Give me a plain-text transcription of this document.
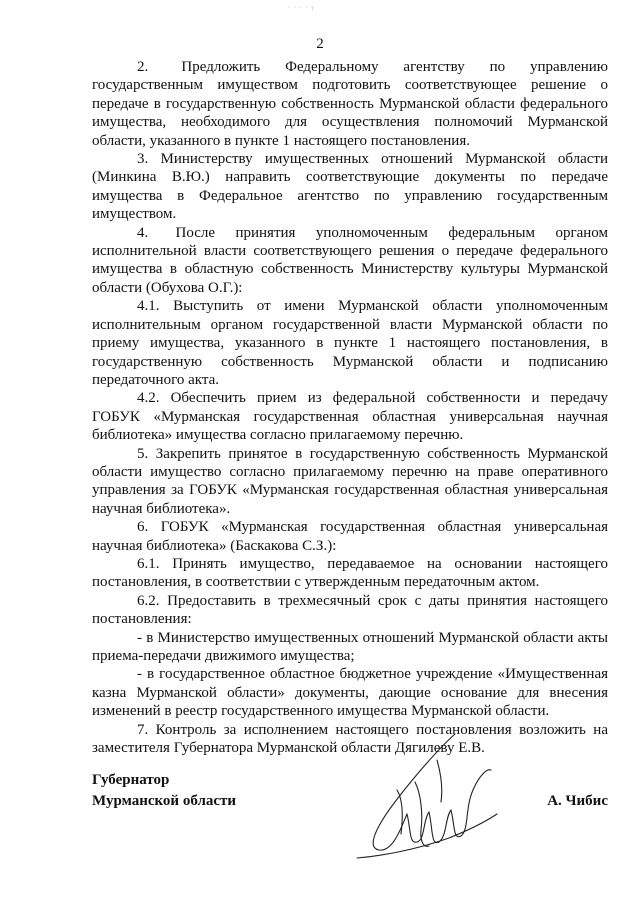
ו ׳ ׳ ׳ ׳
2

2.    Предложить   Федеральному   агентству   по   управлению государственным имуществом подготовить соответствующее решение о передаче в государственную собственность Мурманской области федерального имущества, необходимого для осуществления полномочий Мурманской области, указанного в пункте 1 настоящего постановления.

3. Министерству имущественных отношений Мурманской области (Минкина В.Ю.) направить соответствующие документы по передаче имущества в Федеральное агентство по управлению государственным имуществом.

4.    После   принятия   уполномоченным   федеральным   органом исполнительной власти соответствующего решения о передаче федерального имущества в областную собственность Министерству культуры Мурманской области (Обухова О.Г.):

4.1. Выступить от имени Мурманской области уполномоченным исполнительным органом государственной власти Мурманской области по приему имущества, указанного в пункте 1 настоящего постановления, в государственную собственность Мурманской области и подписанию передаточного акта.

4.2. Обеспечить прием из федеральной собственности и передачу ГОБУК «Мурманская государственная областная универсальная научная библиотека» имущества согласно прилагаемому перечню.

5. Закрепить принятое в государственную собственность Мурманской области имущество согласно прилагаемому перечню на праве оперативного управления за ГОБУК «Мурманская государственная областная универсальная научная библиотека».

6. ГОБУК «Мурманская государственная областная универсальная научная библиотека» (Баскакова С.З.):

6.1. Принять имущество, передаваемое на основании настоящего постановления, в соответствии с утвержденным передаточным актом.

6.2. Предоставить в трехмесячный срок с даты принятия настоящего постановления:

- в Министерство имущественных отношений Мурманской области акты приема-передачи движимого имущества;

- в государственное областное бюджетное учреждение «Имущественная казна Мурманской области» документы, дающие основание для внесения изменений в реестр государственного имущества Мурманской области.

7. Контроль за исполнением настоящего постановления возложить на заместителя Губернатора Мурманской области Дягилеву Е.В.

Губернатор
Мурманской области	А. Чибис
